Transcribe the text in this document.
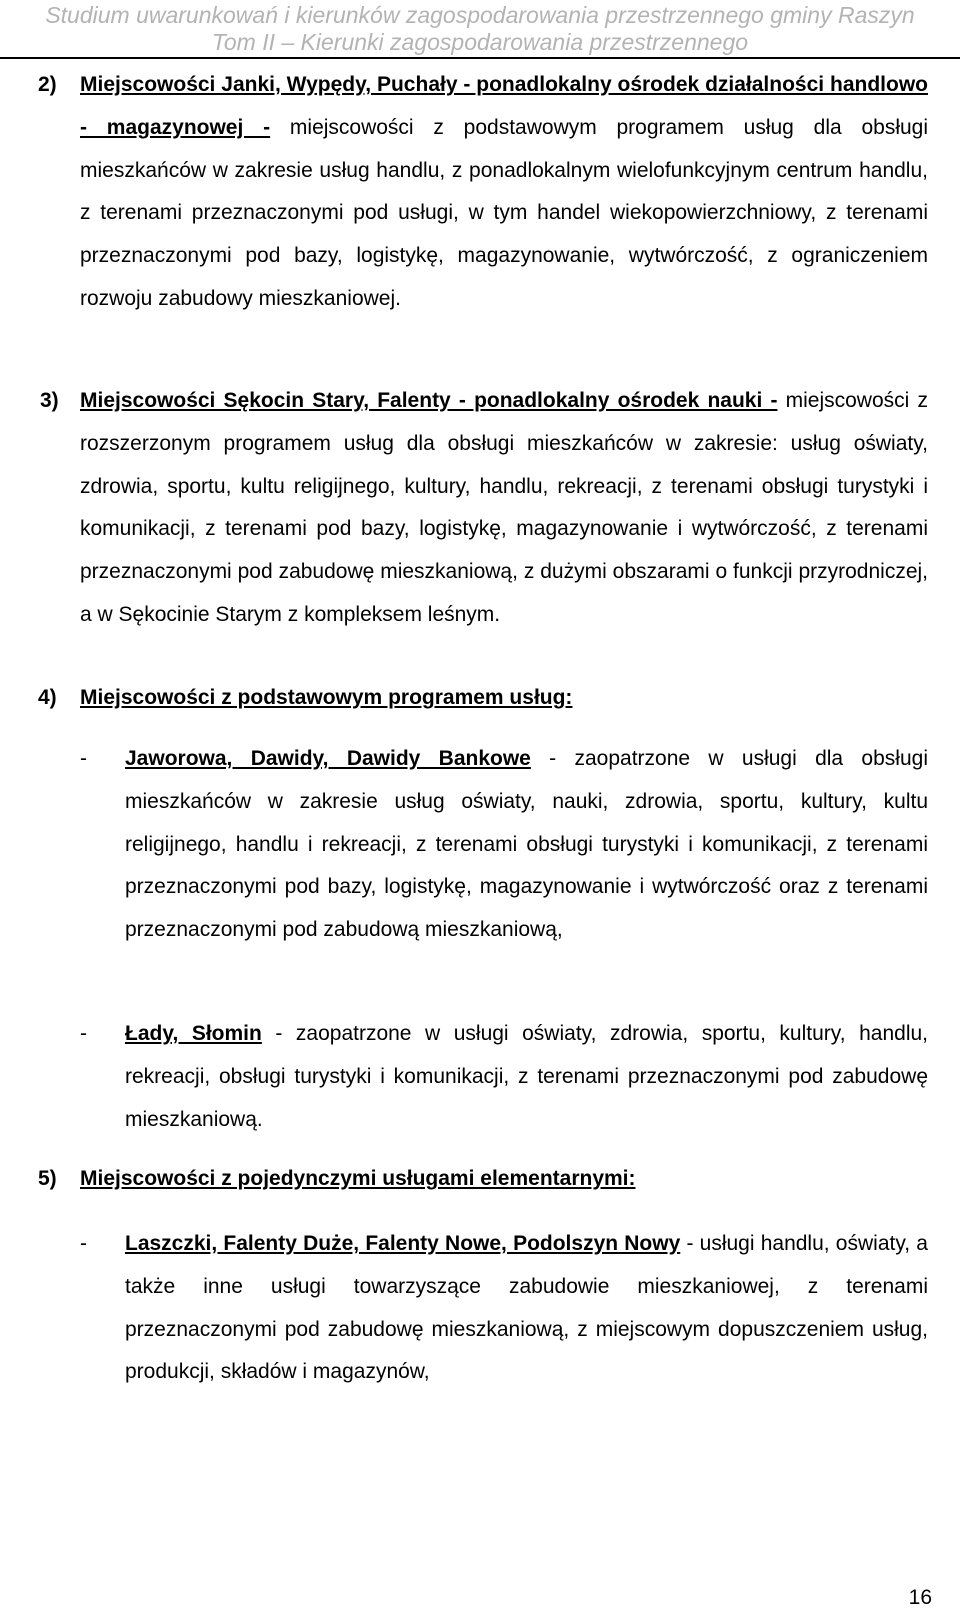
Studium uwarunkowań i kierunków zagospodarowania przestrzennego gminy Raszyn
Tom II – Kierunki zagospodarowania przestrzennego
2) Miejscowości Janki, Wypędy, Puchały - ponadlokalny ośrodek działalności handlowo - magazynowej - miejscowości z podstawowym programem usług dla obsługi mieszkańców w zakresie usług handlu, z ponadlokalnym wielofunkcyjnym centrum handlu, z terenami przeznaczonymi pod usługi, w tym handel wiekopowierzchniowy, z terenami przeznaczonymi pod bazy, logistykę, magazynowanie, wytwórczość, z ograniczeniem rozwoju zabudowy mieszkaniowej.
3) Miejscowości Sękocin Stary, Falenty - ponadlokalny ośrodek nauki - miejscowości z rozszerzonym programem usług dla obsługi mieszkańców w zakresie: usług oświaty, zdrowia, sportu, kultu religijnego, kultury, handlu, rekreacji, z terenami obsługi turystyki i komunikacji, z terenami pod bazy, logistykę, magazynowanie i wytwórczość, z terenami przeznaczonymi pod zabudowę mieszkaniową, z dużymi obszarami o funkcji przyrodniczej, a w Sękocinie Starym z kompleksem leśnym.
4) Miejscowości z podstawowym programem usług:
- Jaworowa, Dawidy, Dawidy Bankowe - zaopatrzone w usługi dla obsługi mieszkańców w zakresie usług oświaty, nauki, zdrowia, sportu, kultury, kultu religijnego, handlu i rekreacji, z terenami obsługi turystyki i komunikacji, z terenami przeznaczonymi pod bazy, logistykę, magazynowanie i wytwórczość oraz z terenami przeznaczonymi pod zabudową mieszkaniową,
- Łady, Słomin - zaopatrzone w usługi oświaty, zdrowia, sportu, kultury, handlu, rekreacji, obsługi turystyki i komunikacji, z terenami przeznaczonymi pod zabudowę mieszkaniową.
5) Miejscowości z pojedynczymi usługami elementarnymi:
- Laszczki, Falenty Duże, Falenty Nowe, Podolszyn Nowy - usługi handlu, oświaty, a także inne usługi towarzyszące zabudowie mieszkaniowej, z terenami przeznaczonymi pod zabudowę mieszkaniową, z miejscowym dopuszczeniem usług, produkcji, składów i magazynów,
16
